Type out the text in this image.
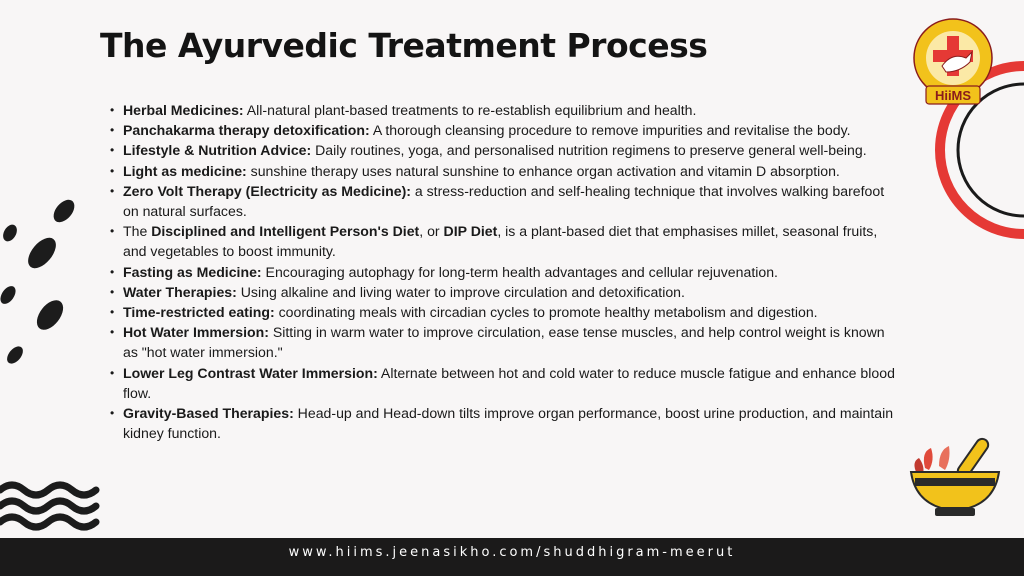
The Ayurvedic Treatment Process
• Herbal Medicines: All-natural plant-based treatments to re-establish equilibrium and health.
• Panchakarma therapy detoxification: A thorough cleansing procedure to remove impurities and revitalise the body.
• Lifestyle & Nutrition Advice: Daily routines, yoga, and personalised nutrition regimens to preserve general well-being.
• Light as medicine: sunshine therapy uses natural sunshine to enhance organ activation and vitamin D absorption.
• Zero Volt Therapy (Electricity as Medicine): a stress-reduction and self-healing technique that involves walking barefoot on natural surfaces.
• The Disciplined and Intelligent Person's Diet, or DIP Diet, is a plant-based diet that emphasises millet, seasonal fruits, and vegetables to boost immunity.
• Fasting as Medicine: Encouraging autophagy for long-term health advantages and cellular rejuvenation.
• Water Therapies: Using alkaline and living water to improve circulation and detoxification.
• Time-restricted eating: coordinating meals with circadian cycles to promote healthy metabolism and digestion.
• Hot Water Immersion: Sitting in warm water to improve circulation, ease tense muscles, and help control weight is known as "hot water immersion."
• Lower Leg Contrast Water Immersion: Alternate between hot and cold water to reduce muscle fatigue and enhance blood flow.
• Gravity-Based Therapies: Head-up and Head-down tilts improve organ performance, boost urine production, and maintain kidney function.
HiiMS
www.hiims.jeenasikho.com/shuddhigram-meerut
